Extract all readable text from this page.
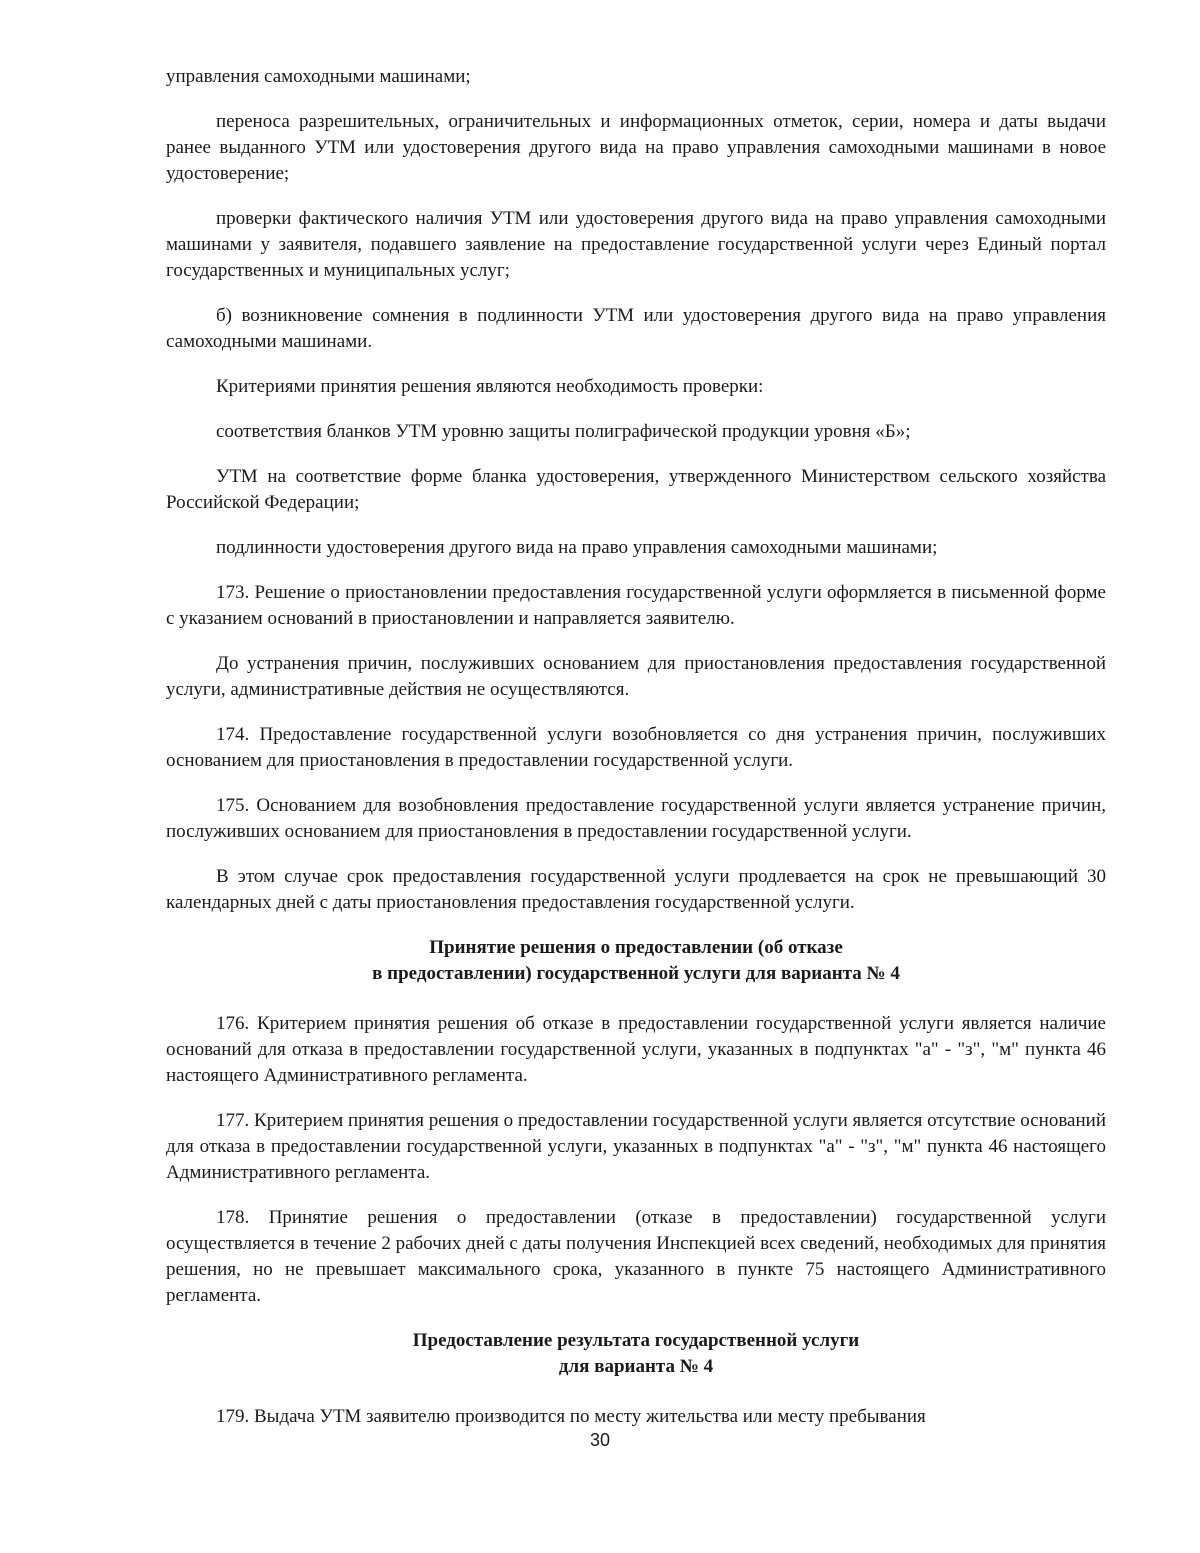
управления самоходными машинами;

переноса разрешительных, ограничительных и информационных отметок, серии, номера и даты выдачи ранее выданного УТМ или удостоверения другого вида на право управления самоходными машинами в новое удостоверение;

проверки фактического наличия УТМ или удостоверения другого вида на право управления самоходными машинами у заявителя, подавшего заявление на предоставление государственной услуги через Единый портал государственных и муниципальных услуг;

б) возникновение сомнения в подлинности УТМ или удостоверения другого вида на право управления самоходными машинами.

Критериями принятия решения являются необходимость проверки:

соответствия бланков УТМ уровню защиты полиграфической продукции уровня «Б»;

УТМ на соответствие форме бланка удостоверения, утвержденного Министерством сельского хозяйства Российской Федерации;

подлинности удостоверения другого вида на право управления самоходными машинами;

173. Решение о приостановлении предоставления государственной услуги оформляется в письменной форме с указанием оснований в приостановлении и направляется заявителю.

До устранения причин, послуживших основанием для приостановления предоставления государственной услуги, административные действия не осуществляются.

174. Предоставление государственной услуги возобновляется со дня устранения причин, послуживших основанием для приостановления в предоставлении государственной услуги.

175. Основанием для возобновления предоставление государственной услуги является устранение причин, послуживших основанием для приостановления в предоставлении государственной услуги.

В этом случае срок предоставления государственной услуги продлевается на срок не превышающий 30 календарных дней с даты приостановления предоставления государственной услуги.

Принятие решения о предоставлении (об отказе
в предоставлении) государственной услуги для варианта № 4

176. Критерием принятия решения об отказе в предоставлении государственной услуги является наличие оснований для отказа в предоставлении государственной услуги, указанных в подпунктах "а" - "з", "м" пункта 46 настоящего Административного регламента.

177. Критерием принятия решения о предоставлении государственной услуги является отсутствие оснований для отказа в предоставлении государственной услуги, указанных в подпунктах "а" - "з", "м" пункта 46 настоящего Административного регламента.

178. Принятие решения о предоставлении (отказе в предоставлении) государственной услуги осуществляется в течение 2 рабочих дней с даты получения Инспекцией всех сведений, необходимых для принятия решения, но не превышает максимального срока, указанного в пункте 75 настоящего Административного регламента.

Предоставление результата государственной услуги
для варианта № 4

179. Выдача УТМ заявителю производится по месту жительства или месту пребывания

30
